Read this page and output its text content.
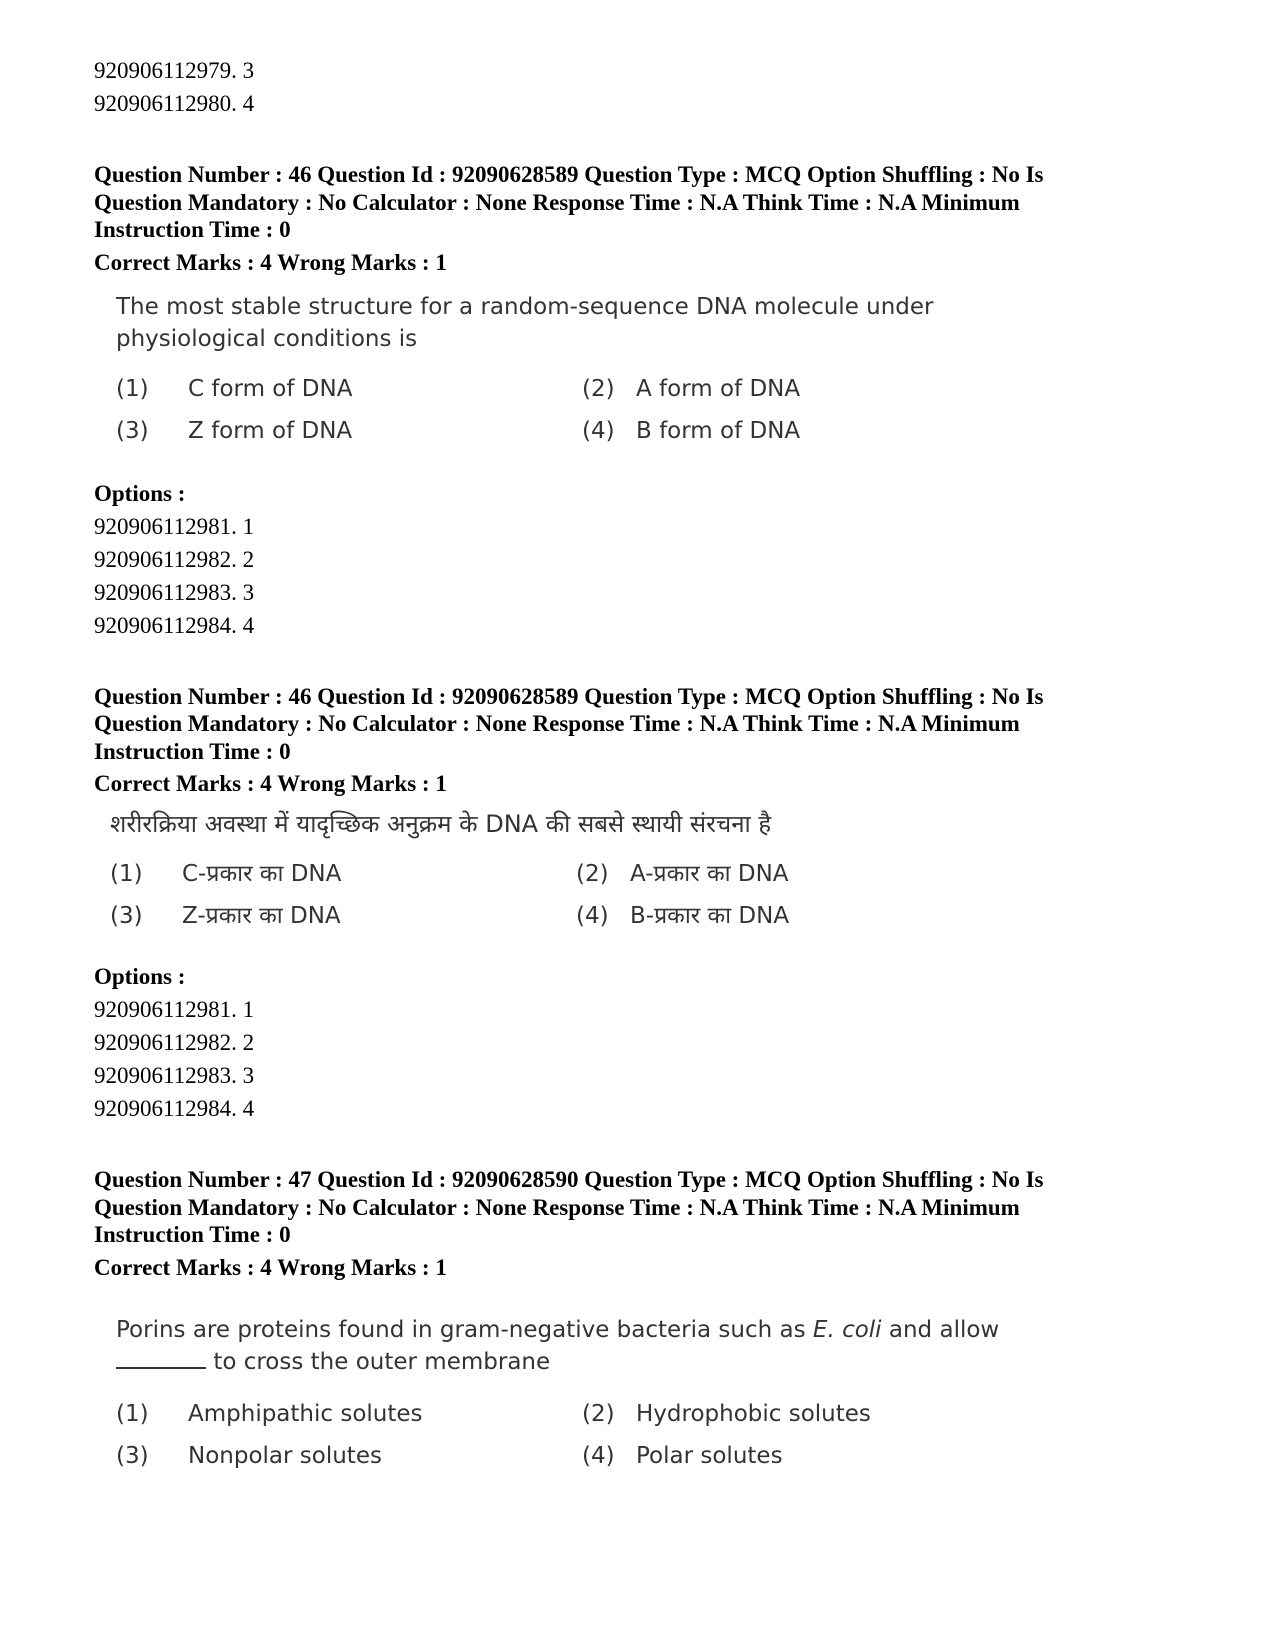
920906112979. 3
920906112980. 4
Question Number : 46 Question Id : 92090628589 Question Type : MCQ Option Shuffling : No Is
Question Mandatory : No Calculator : None Response Time : N.A Think Time : N.A Minimum
Instruction Time : 0
Correct Marks : 4 Wrong Marks : 1
The most stable structure for a random-sequence DNA molecule under physiological conditions is
(1)	C form of DNA	(2) A form of DNA
(3)	Z form of DNA	(4) B form of DNA
Options :
920906112981. 1
920906112982. 2
920906112983. 3
920906112984. 4
Question Number : 46 Question Id : 92090628589 Question Type : MCQ Option Shuffling : No Is
Question Mandatory : No Calculator : None Response Time : N.A Think Time : N.A Minimum
Instruction Time : 0
Correct Marks : 4 Wrong Marks : 1
शरीरक्रिया अवस्था में यादृच्छिक अनुक्रम के DNA की सबसे स्थायी संरचना है
(1)	C-प्रकार का DNA	(2) A-प्रकार का DNA
(3)	Z-प्रकार का DNA	(4) B-प्रकार का DNA
Options :
920906112981. 1
920906112982. 2
920906112983. 3
920906112984. 4
Question Number : 47 Question Id : 92090628590 Question Type : MCQ Option Shuffling : No Is
Question Mandatory : No Calculator : None Response Time : N.A Think Time : N.A Minimum
Instruction Time : 0
Correct Marks : 4 Wrong Marks : 1
Porins are proteins found in gram-negative bacteria such as E. coli and allow
to cross the outer membrane
(1)	Amphipathic solutes	(2) Hydrophobic solutes
(3)	Nonpolar solutes	(4) Polar solutes
